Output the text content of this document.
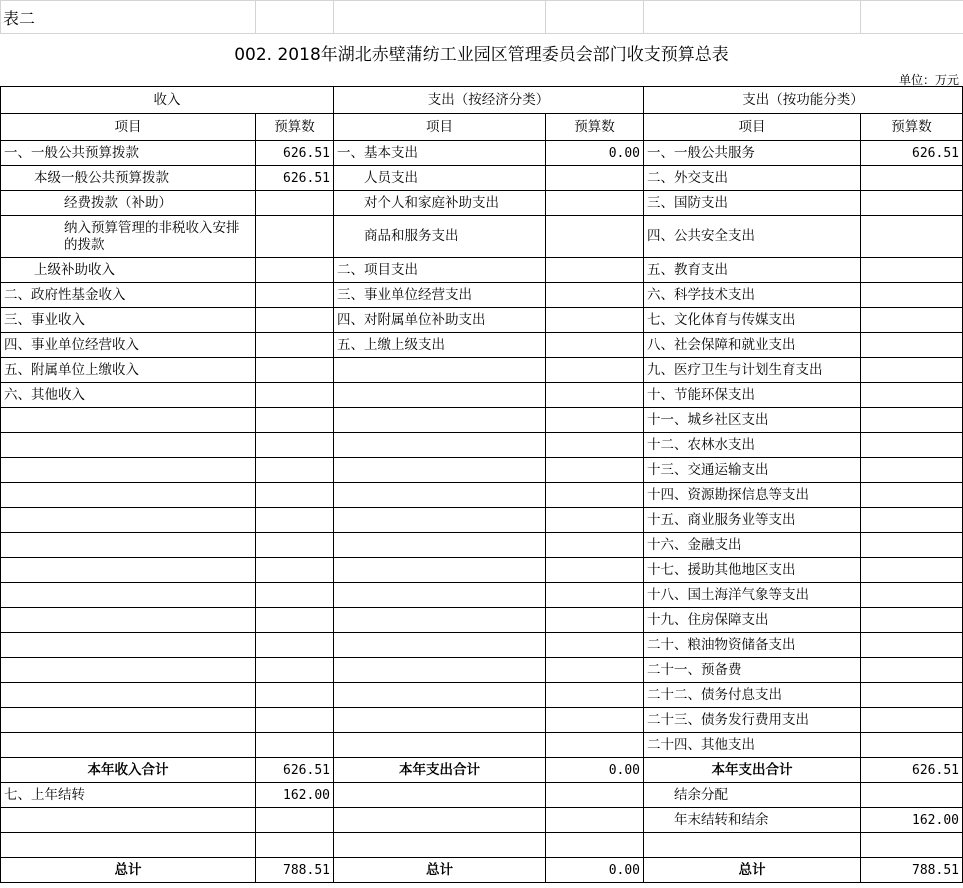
表二
002. 2018年湖北赤壁蒲纺工业园区管理委员会部门收支预算总表
单位：万元
收入		支出（按经济分类）		支出（按功能分类）	
项目	预算数	项目	预算数	项目	预算数
一、一般公共预算拨款	626.51	一、基本支出	0.00	一、一般公共服务	626.51
本级一般公共预算拨款	626.51	人员支出		二、外交支出	
经费拨款（补助）		对个人和家庭补助支出		三、国防支出	
纳入预算管理的非税收入安排的拨款		商品和服务支出		四、公共安全支出	
上级补助收入		二、项目支出		五、教育支出	
二、政府性基金收入		三、事业单位经营支出		六、科学技术支出	
三、事业收入		四、对附属单位补助支出		七、文化体育与传媒支出	
四、事业单位经营收入		五、上缴上级支出		八、社会保障和就业支出	
五、附属单位上缴收入				九、医疗卫生与计划生育支出	
六、其他收入				十、节能环保支出	
				十一、城乡社区支出	
				十二、农林水支出	
				十三、交通运输支出	
				十四、资源勘探信息等支出	
				十五、商业服务业等支出	
				十六、金融支出	
				十七、援助其他地区支出	
				十八、国土海洋气象等支出	
				十九、住房保障支出	
				二十、粮油物资储备支出	
				二十一、预备费	
				二十二、债务付息支出	
				二十三、债务发行费用支出	
				二十四、其他支出	
本年收入合计	626.51	本年支出合计	0.00	本年支出合计	626.51
七、上年结转	162.00			结余分配	
				年末结转和结余	162.00

总计	788.51	总计	0.00	总计	788.51
